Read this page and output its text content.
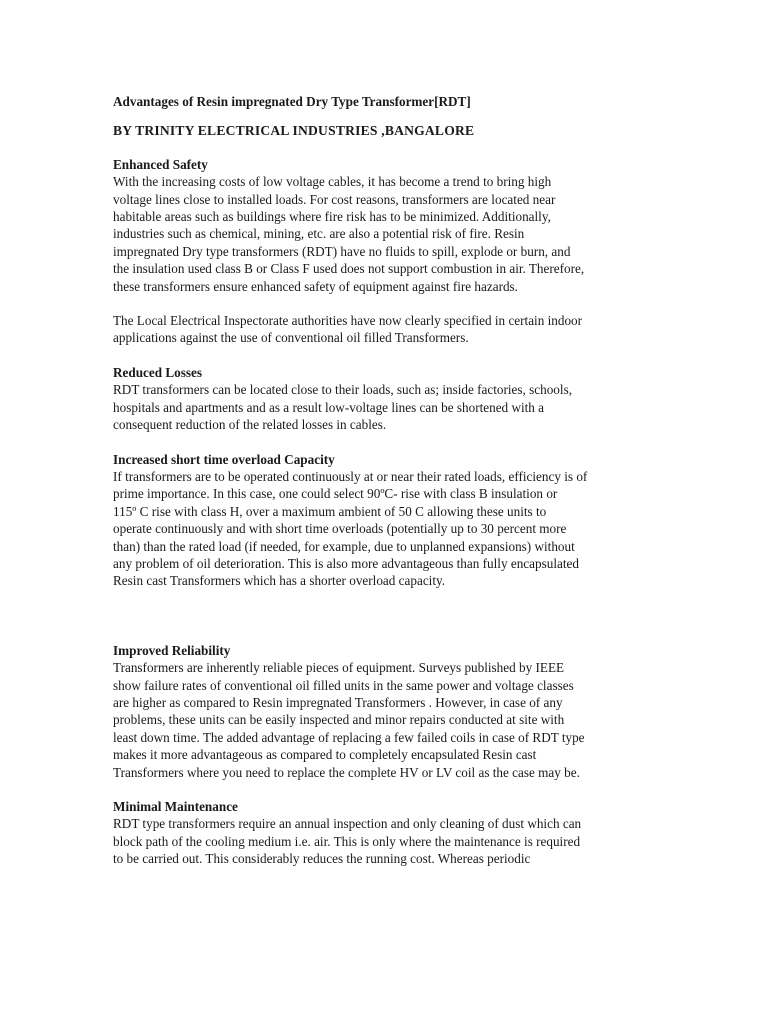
Advantages of Resin impregnated Dry Type Transformer[RDT]

BY TRINITY ELECTRICAL INDUSTRIES ,BANGALORE

Enhanced Safety

With the increasing costs of low voltage cables, it has become a trend to bring high
voltage lines close to installed loads. For cost reasons, transformers are located near
habitable areas such as buildings where fire risk has to be minimized. Additionally,
industries such as chemical, mining, etc. are also a potential risk of fire. Resin
impregnated Dry type transformers (RDT) have no fluids to spill, explode or burn, and
the insulation used class B or Class F used does not support combustion in air. Therefore,
these transformers ensure enhanced safety of equipment against fire hazards.
The Local Electrical Inspectorate authorities have now clearly specified in certain indoor
applications against the use of conventional oil filled Transformers.

Reduced Losses

RDT transformers can be located close to their loads, such as; inside factories, schools,
hospitals and apartments and as a result low-voltage lines can be shortened with a
consequent reduction of the related losses in cables.

Increased short time overload Capacity

If transformers are to be operated continuously at or near their rated loads, efficiency is of
prime importance. In this case, one could select 90ºC- rise with class B insulation or
115º C rise with class H, over a maximum ambient of 50 C allowing these units to
operate continuously and with short time overloads (potentially up to 30 percent more
than) than the rated load (if needed, for example, due to unplanned expansions) without
any problem of oil deterioration. This is also more advantageous than fully encapsulated
Resin cast Transformers which has a shorter overload capacity.

Improved Reliability

Transformers are inherently reliable pieces of equipment. Surveys published by IEEE
show failure rates of conventional oil filled units in the same power and voltage classes
are higher as compared to Resin impregnated Transformers . However, in case of any
problems, these units can be easily inspected and minor repairs conducted at site with
least down time. The added advantage of replacing a few failed coils in case of RDT type
makes it more advantageous as compared to completely encapsulated Resin cast
Transformers where you need to replace the complete HV or LV coil as the case may be.

Minimal Maintenance

RDT type transformers require an annual inspection and only cleaning of dust which can
block path of the cooling medium i.e. air. This is only where the maintenance is required
to be carried out. This considerably reduces the running cost. Whereas periodic
